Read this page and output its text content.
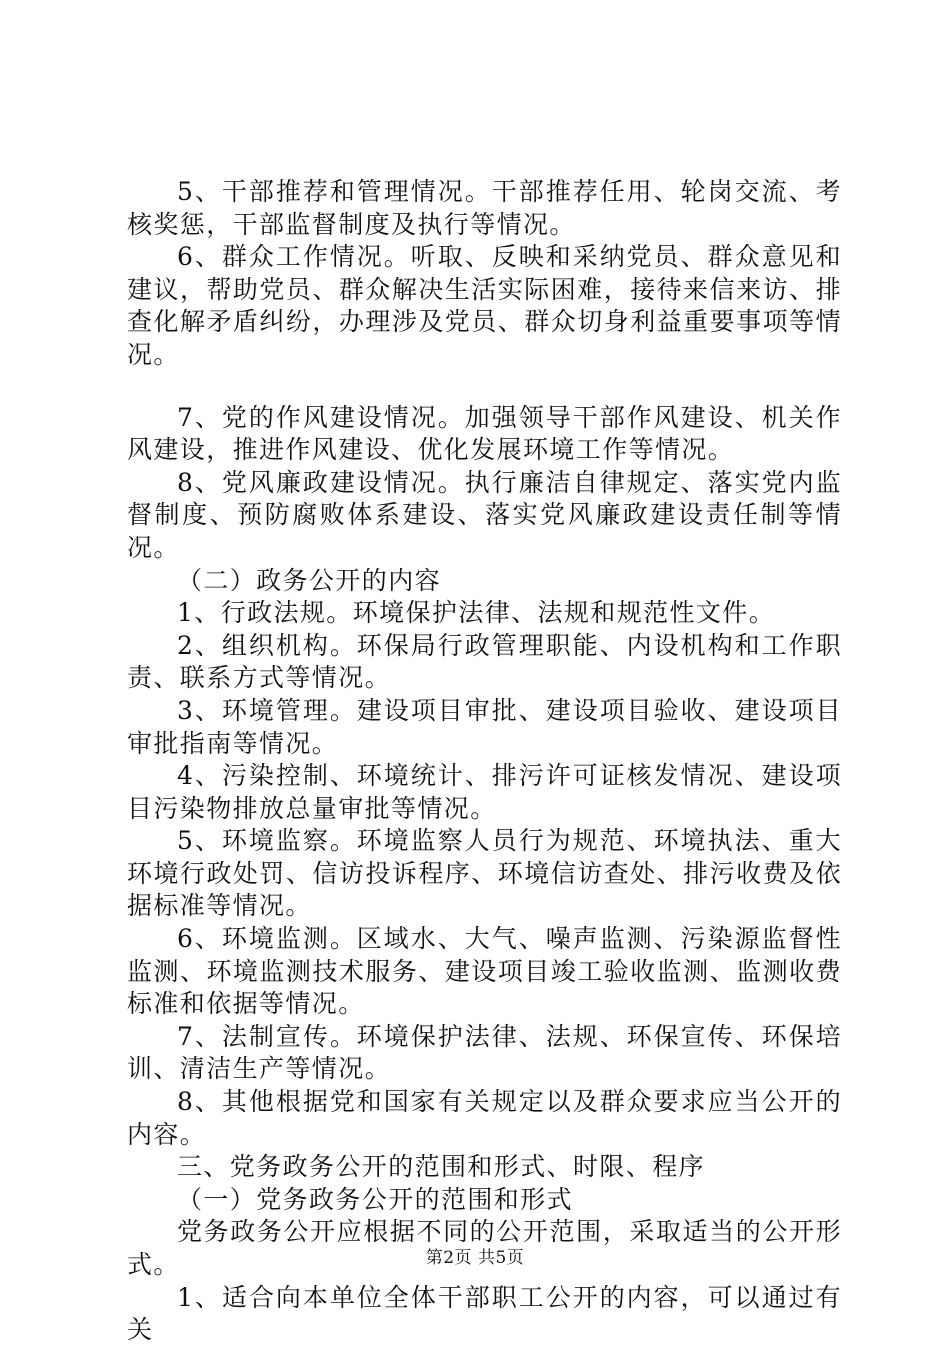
5、干部推荐和管理情况。干部推荐任用、轮岗交流、考核奖惩，干部监督制度及执行等情况。

6、群众工作情况。听取、反映和采纳党员、群众意见和建议，帮助党员、群众解决生活实际困难，接待来信来访、排查化解矛盾纠纷，办理涉及党员、群众切身利益重要事项等情况。

7、党的作风建设情况。加强领导干部作风建设、机关作风建设，推进作风建设、优化发展环境工作等情况。

8、党风廉政建设情况。执行廉洁自律规定、落实党内监督制度、预防腐败体系建设、落实党风廉政建设责任制等情况。

（二）政务公开的内容

1、行政法规。环境保护法律、法规和规范性文件。

2、组织机构。环保局行政管理职能、内设机构和工作职责、联系方式等情况。

3、环境管理。建设项目审批、建设项目验收、建设项目审批指南等情况。

4、污染控制、环境统计、排污许可证核发情况、建设项目污染物排放总量审批等情况。

5、环境监察。环境监察人员行为规范、环境执法、重大环境行政处罚、信访投诉程序、环境信访查处、排污收费及依据标准等情况。

6、环境监测。区域水、大气、噪声监测、污染源监督性监测、环境监测技术服务、建设项目竣工验收监测、监测收费标准和依据等情况。

7、法制宣传。环境保护法律、法规、环保宣传、环保培训、清洁生产等情况。

8、其他根据党和国家有关规定以及群众要求应当公开的内容。

三、党务政务公开的范围和形式、时限、程序

（一）党务政务公开的范围和形式

党务政务公开应根据不同的公开范围，采取适当的公开形式。

1、适合向本单位全体干部职工公开的内容，可以通过有关

第2页 共5页
